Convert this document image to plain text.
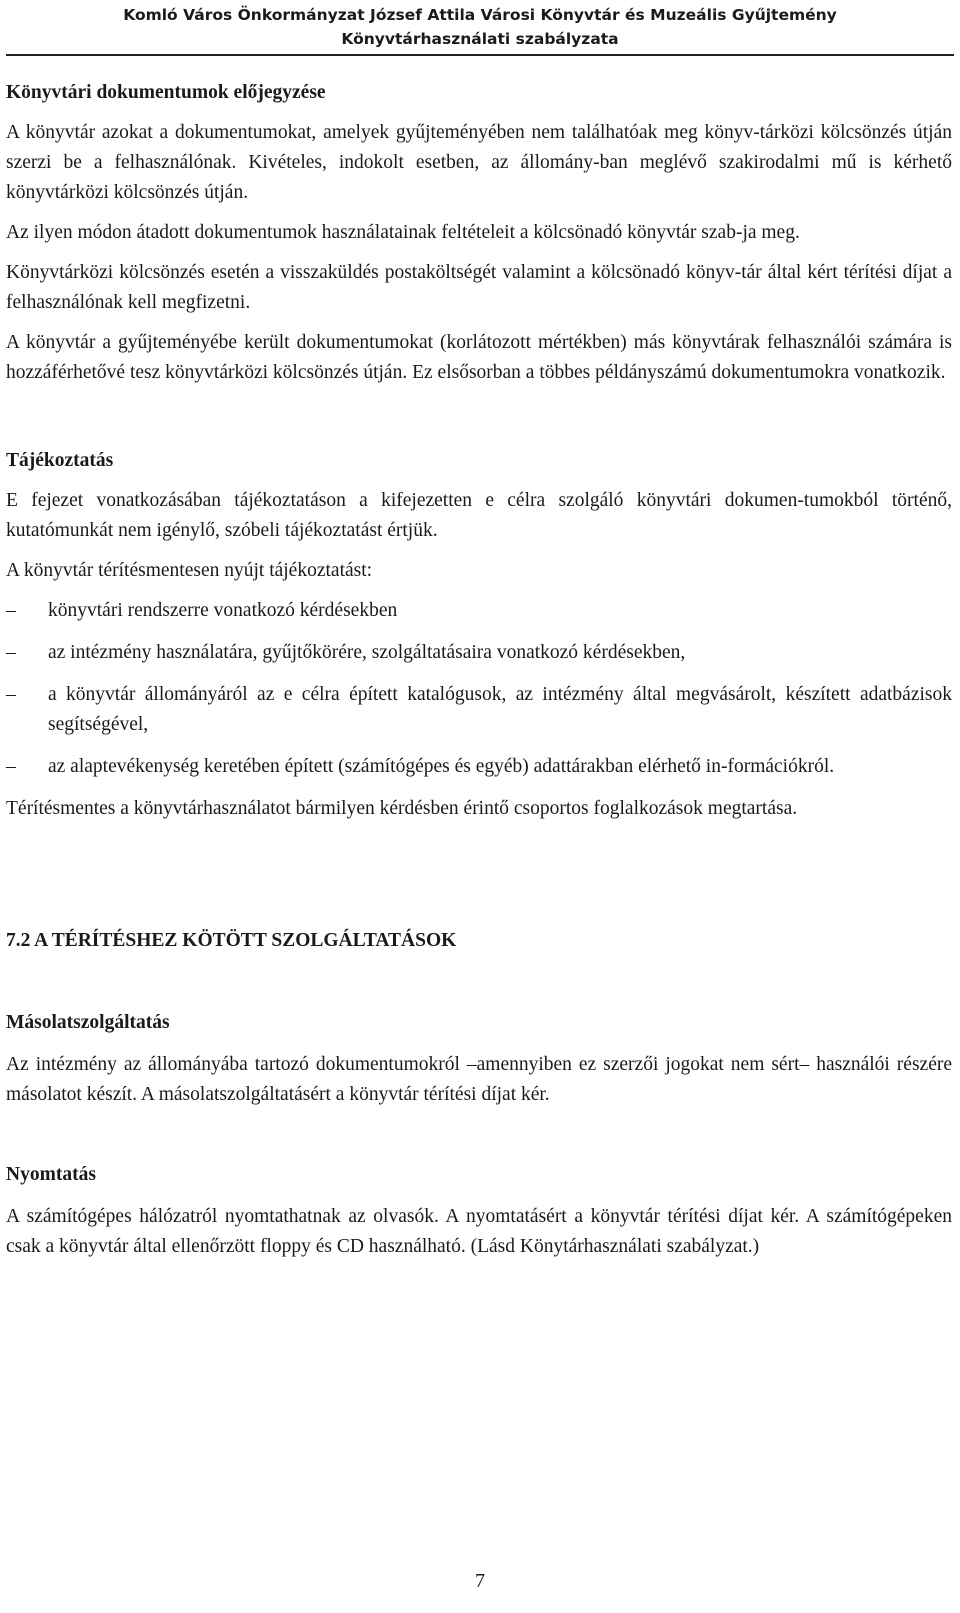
Komló Város Önkormányzat József Attila Városi Könyvtár és Muzeális Gyűjtemény
Könyvtárhasználati szabályzata
Könyvtári dokumentumok előjegyzése

A könyvtár azokat a dokumentumokat, amelyek gyűjteményében nem találhatóak meg könyv-tárközi kölcsönzés útján szerzi be a felhasználónak. Kivételes, indokolt esetben, az állomány-ban meglévő szakirodalmi mű is kérhető könyvtárközi kölcsönzés útján.

Az ilyen módon átadott dokumentumok használatainak feltételeit a kölcsönadó könyvtár szab-ja meg.

Könyvtárközi kölcsönzés esetén a visszaküldés postaköltségét valamint a kölcsönadó könyv-tár által kért térítési díjat a felhasználónak kell megfizetni.

A könyvtár a gyűjteményébe került dokumentumokat (korlátozott mértékben) más könyvtárak felhasználói számára is hozzáférhetővé tesz könyvtárközi kölcsönzés útján. Ez elsősorban a többes példányszámú dokumentumokra vonatkozik.

Tájékoztatás

E fejezet vonatkozásában tájékoztatáson a kifejezetten e célra szolgáló könyvtári dokumen-tumokból történő, kutatómunkát nem igénylő, szóbeli tájékoztatást értjük.

A könyvtár térítésmentesen nyújt tájékoztatást:

–	könyvtári rendszerre vonatkozó kérdésekben
–	az intézmény használatára, gyűjtőkörére, szolgáltatásaira vonatkozó kérdésekben,
–	a könyvtár állományáról az e célra épített katalógusok, az intézmény által megvásárolt, készített adatbázisok segítségével,
–	az alaptevékenység keretében épített (számítógépes és egyéb) adattárakban elérhető in-formációkról.

Térítésmentes a könyvtárhasználatot bármilyen kérdésben érintő csoportos foglalkozások megtartása.

7.2 A TÉRÍTÉSHEZ KÖTÖTT SZOLGÁLTATÁSOK
Másolatszolgáltatás

Az intézmény az állományába tartozó dokumentumokról –amennyiben ez szerzői jogokat nem sért– használói részére másolatot készít. A másolatszolgáltatásért a könyvtár térítési díjat kér.

Nyomtatás

A számítógépes hálózatról nyomtathatnak az olvasók. A nyomtatásért a könyvtár térítési díjat kér. A számítógépeken csak a könyvtár által ellenőrzött floppy és CD használható. (Lásd Könytárhasználati szabályzat.)

7
